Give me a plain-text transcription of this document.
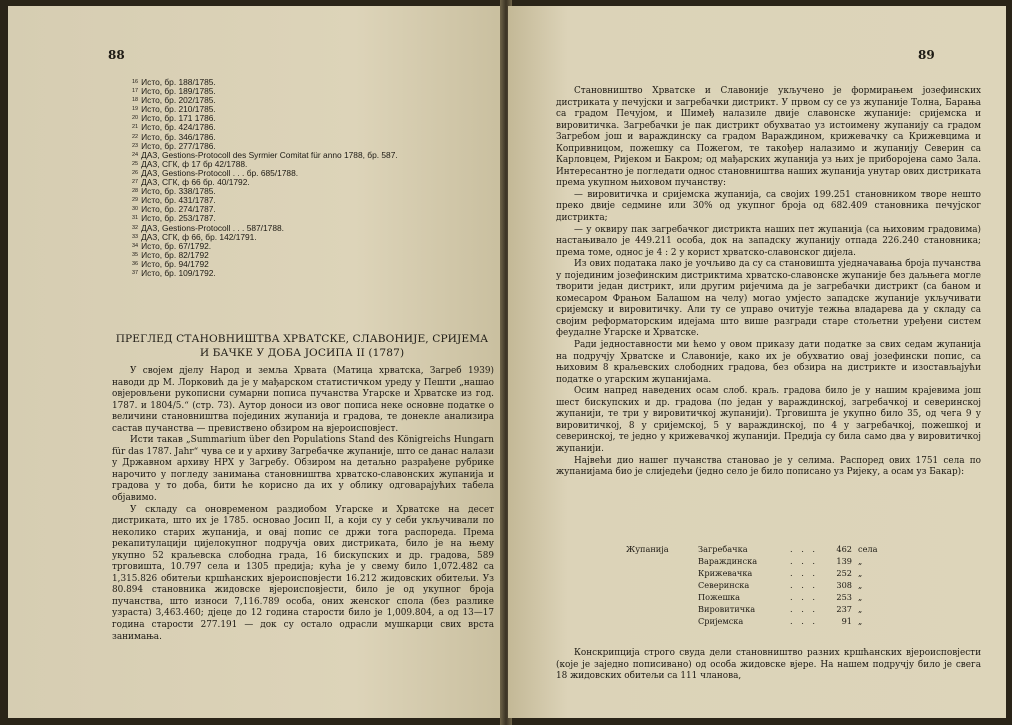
88
$^{16}$ Исто, бр. 188/1785.
$^{17}$ Исто, бр. 189/1785.
$^{18}$ Исто, бр. 202/1785.
$^{19}$ Исто, бр. 210/1785.
$^{20}$ Исто, бр. 171 1786.
$^{21}$ Исто, бр. 424/1786.
$^{22}$ Исто, бр. 346/1786.
$^{23}$ Исто, бр. 277/1786.
$^{24}$ ДАЗ, Gestions-Protocoll des Syrmier Comitat für anno 1788, бр. 587.
$^{25}$ ДАЗ, СГК, ф 17 бр 42/1788.
$^{26}$ ДАЗ, Gestions-Protocoll . . . бр. 685/1788.
$^{27}$ ДАЗ, СГК, ф 66 бр. 40/1792.
$^{28}$ Исто, бр. 338/1785.
$^{29}$ Исто, бр. 431/1787.
$^{30}$ Исто, бр. 274/1787.
$^{31}$ Исто, бр. 253/1787.
$^{32}$ ДАЗ, Gestions-Protocoll . . . 587/1788.
$^{33}$ ДАЗ, СГК, ф 66, бр. 142/1791.
$^{34}$ Исто, бр. 67/1792.
$^{35}$ Исто, бр. 82/1792
$^{36}$ Исто, бр. 94/1792
$^{37}$ Исто, бр. 109/1792.
ПРЕГЛЕД СТАНОВНИШТВА ХРВАТСКЕ, СЛАВОНИЈЕ, СРИЈЕМА И БАЧКЕ У ДОБА ЈОСИПА II (1787)

У својем дјелу Народ и земља Хрвата (Матица хрватска, Загреб 1939) наводи др М. Лорковић да је у мађарском статистичком уреду у Пешти „нашао овјеровљени рукописни сумарни пописа пучанства Угарске и Хрватске из год. 1787. и 1804/5.“ (стр. 73). Аутор доноси из овог пописа неке основне податке о величини становништва појединих жупанија и градова, те донекле анализира састав пучанства — превиствено обзиром на вјероисповјест.

Исти такав „Summarium über den Populations Stand des Königreichs Hungarn für das 1787. Jahr“ чува се и у архиву Загребачке жупаније, што се данас налази у Државном архиву НРХ у Загребу. Обзиром на детаљно разрађене рубрике нарочито у погледу занимања становништва хрватско-славонских жупанија и градова у то доба, бити ће корисно да их у облику одговарајућих табела објавимо.

У складу са оновременом раздиобом Угарске и Хрватске на десет дистриката, што их је 1785. основао Јосип II, а који су у себи укључивали по неколико старих жупанија, и овај попис се држи тога распореда. Према рекапитулацији цијелокупног подручја ових дистриката, било је на њему укупно 52 краљевска слободна града, 16 бискупских и др. градова, 589 трговишта, 10.797 села и 1305 предија; кућа је у свему било 1,072.482 са 1,315.826 обитељи кршћанских вјероисповјести 16.212 жидовских обитељи. Уз 80.894 становника жидовске вјероисповјести, било је од укупног броја пучанства, што износи 7,116.789 особа, оних женског спола (без разлике узраста) 3,463.460; дјеце до 12 година старости било је 1,009.804, а од 13—17 година старости 277.191 — док су остало одрасли мушкарци свих врста занимања.

89

Становништво Хрватске и Славоније укључено је формирањем јозефинских дистриката у печујски и загребачки дистрикт. У првом су се уз жупаније Толна, Барања са градом Печујом, и Шимеђ налазиле двије славонске жупаније: сријемска и вировитичка. Загребачки је пак дистрикт обухватао уз истоимену жупанију са градом Загребом још и вараждинску са градом Вараждином, крижевачку са Крижевцима и Копривницом, пожешку са Пожегом, те такођер налазимо и жупанију Северин са Карловцем, Ријеком и Бакром; од мађарских жупанија уз њих је приборојена само Зала. Интересантно је погледати однос становништва наших жупанија унутар ових дистриката према укупном њиховом пучанству:

— вировитичка и сријемска жупанија, са својих 199.251 становником творе нешто преко двије седмине или 30% од укупног броја од 682.409 становника печујског дистрикта;

— у оквиру пак загребачког дистрикта наших пет жупанија (са њиховим градовима) настањивало је 449.211 особа, док на западску жупанију отпада 226.240 становника; према томе, однос је 4 : 2 у корист хрватско-славонског дијела.

Из ових података лако је уочљиво да су са становишта уједначавања броја пучанства у појединим јозефинским дистриктима хрватско-славонске жупаније без даљњега могле творити један дистрикт, или другим ријечима да је загребачки дистрикт (са баном и комесаром Фрањом Балашом на челу) могао умјесто западске жупаније укључивати сријемску и вировитичку. Али ту се управо очитује тежња владарева да у складу са својим реформаторским идејама што више разгради старе стољетни уређени систем феудалне Угарске и Хрватске.

Ради једноставности ми ћемо у овом приказу дати податке за свих седам жупанија на подручју Хрватске и Славоније, како их је обухватио овај јозефински попис, са њиховим 8 краљевских слободних градова, без обзира на дистрикте и изостављајући податке о угарским жупанијама.

Осим напред наведених осам слоб. краљ. градова било је у нашим крајевима још шест бискупских и др. градова (по један у вараждинској, загребачкој и северинској жупанији, те три у вировитичкој жупанији). Трговишта је укупно било 35, од чега 9 у вировитичкој, 8 у сријемској, 5 у вараждинској, по 4 у загребачкој, пожешкој и северинској, те једно у крижевачкој жупанији. Предија су била само два у вировитичкој жупанији.

Највећи дио нашег пучанства становао је у селима. Распоред ових 1751 села по жупанијама био је слиједећи (једно село је било пописано уз Ријеку, а осам уз Бакар):

Жупанија	Загребачка	. . .	462 села
Вараждинска	. . .	139 „
Крижевачка	. . .	252 „
Северинска	. . .	308 „
Пожешка	. . .	253 „
Вировитичка	. . .	237 „
Сријемска	. . .	91 „

Конскрипција строго свуда дели становништво разних кршћанских вјероисповјести (које је заједно пописивано) од особа жидовске вјере. На нашем подручју било је свега 18 жидовских обитељи са 111 чланова,
